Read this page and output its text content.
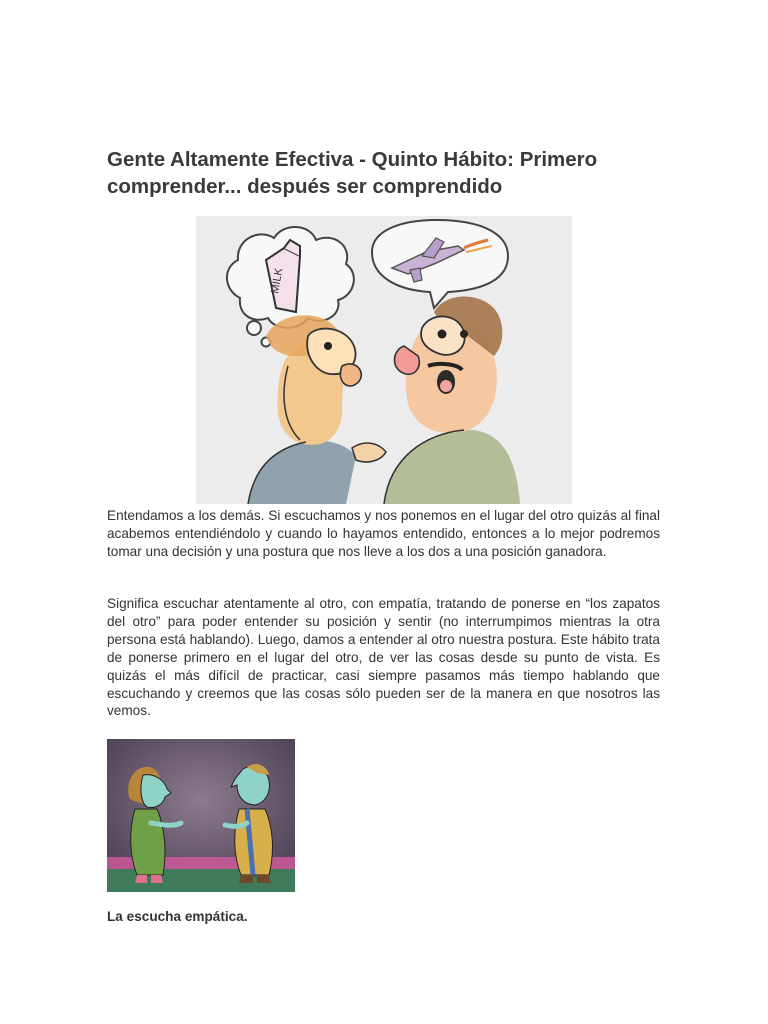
Gente Altamente Efectiva - Quinto Hábito: Primero comprender... después ser comprendido
MILK

Entendamos a los demás. Si escuchamos y nos ponemos en el lugar del otro quizás al final acabemos entendiéndolo y cuando lo hayamos entendido, entonces a lo mejor podremos tomar una decisión y una postura que nos lleve a los dos a una posición ganadora.

Significa escuchar atentamente al otro, con empatía, tratando de ponerse en “los zapatos del otro” para poder entender su posición y sentir (no interrumpimos mientras la otra persona está hablando). Luego, damos a entender al otro nuestra postura. Este hábito trata de ponerse primero en el lugar del otro, de ver las cosas desde su punto de vista. Es quizás el más difícil de practicar, casi siempre pasamos más tiempo hablando que escuchando y creemos que las cosas sólo pueden ser de la manera en que nosotros las vemos.

La escucha empática.
